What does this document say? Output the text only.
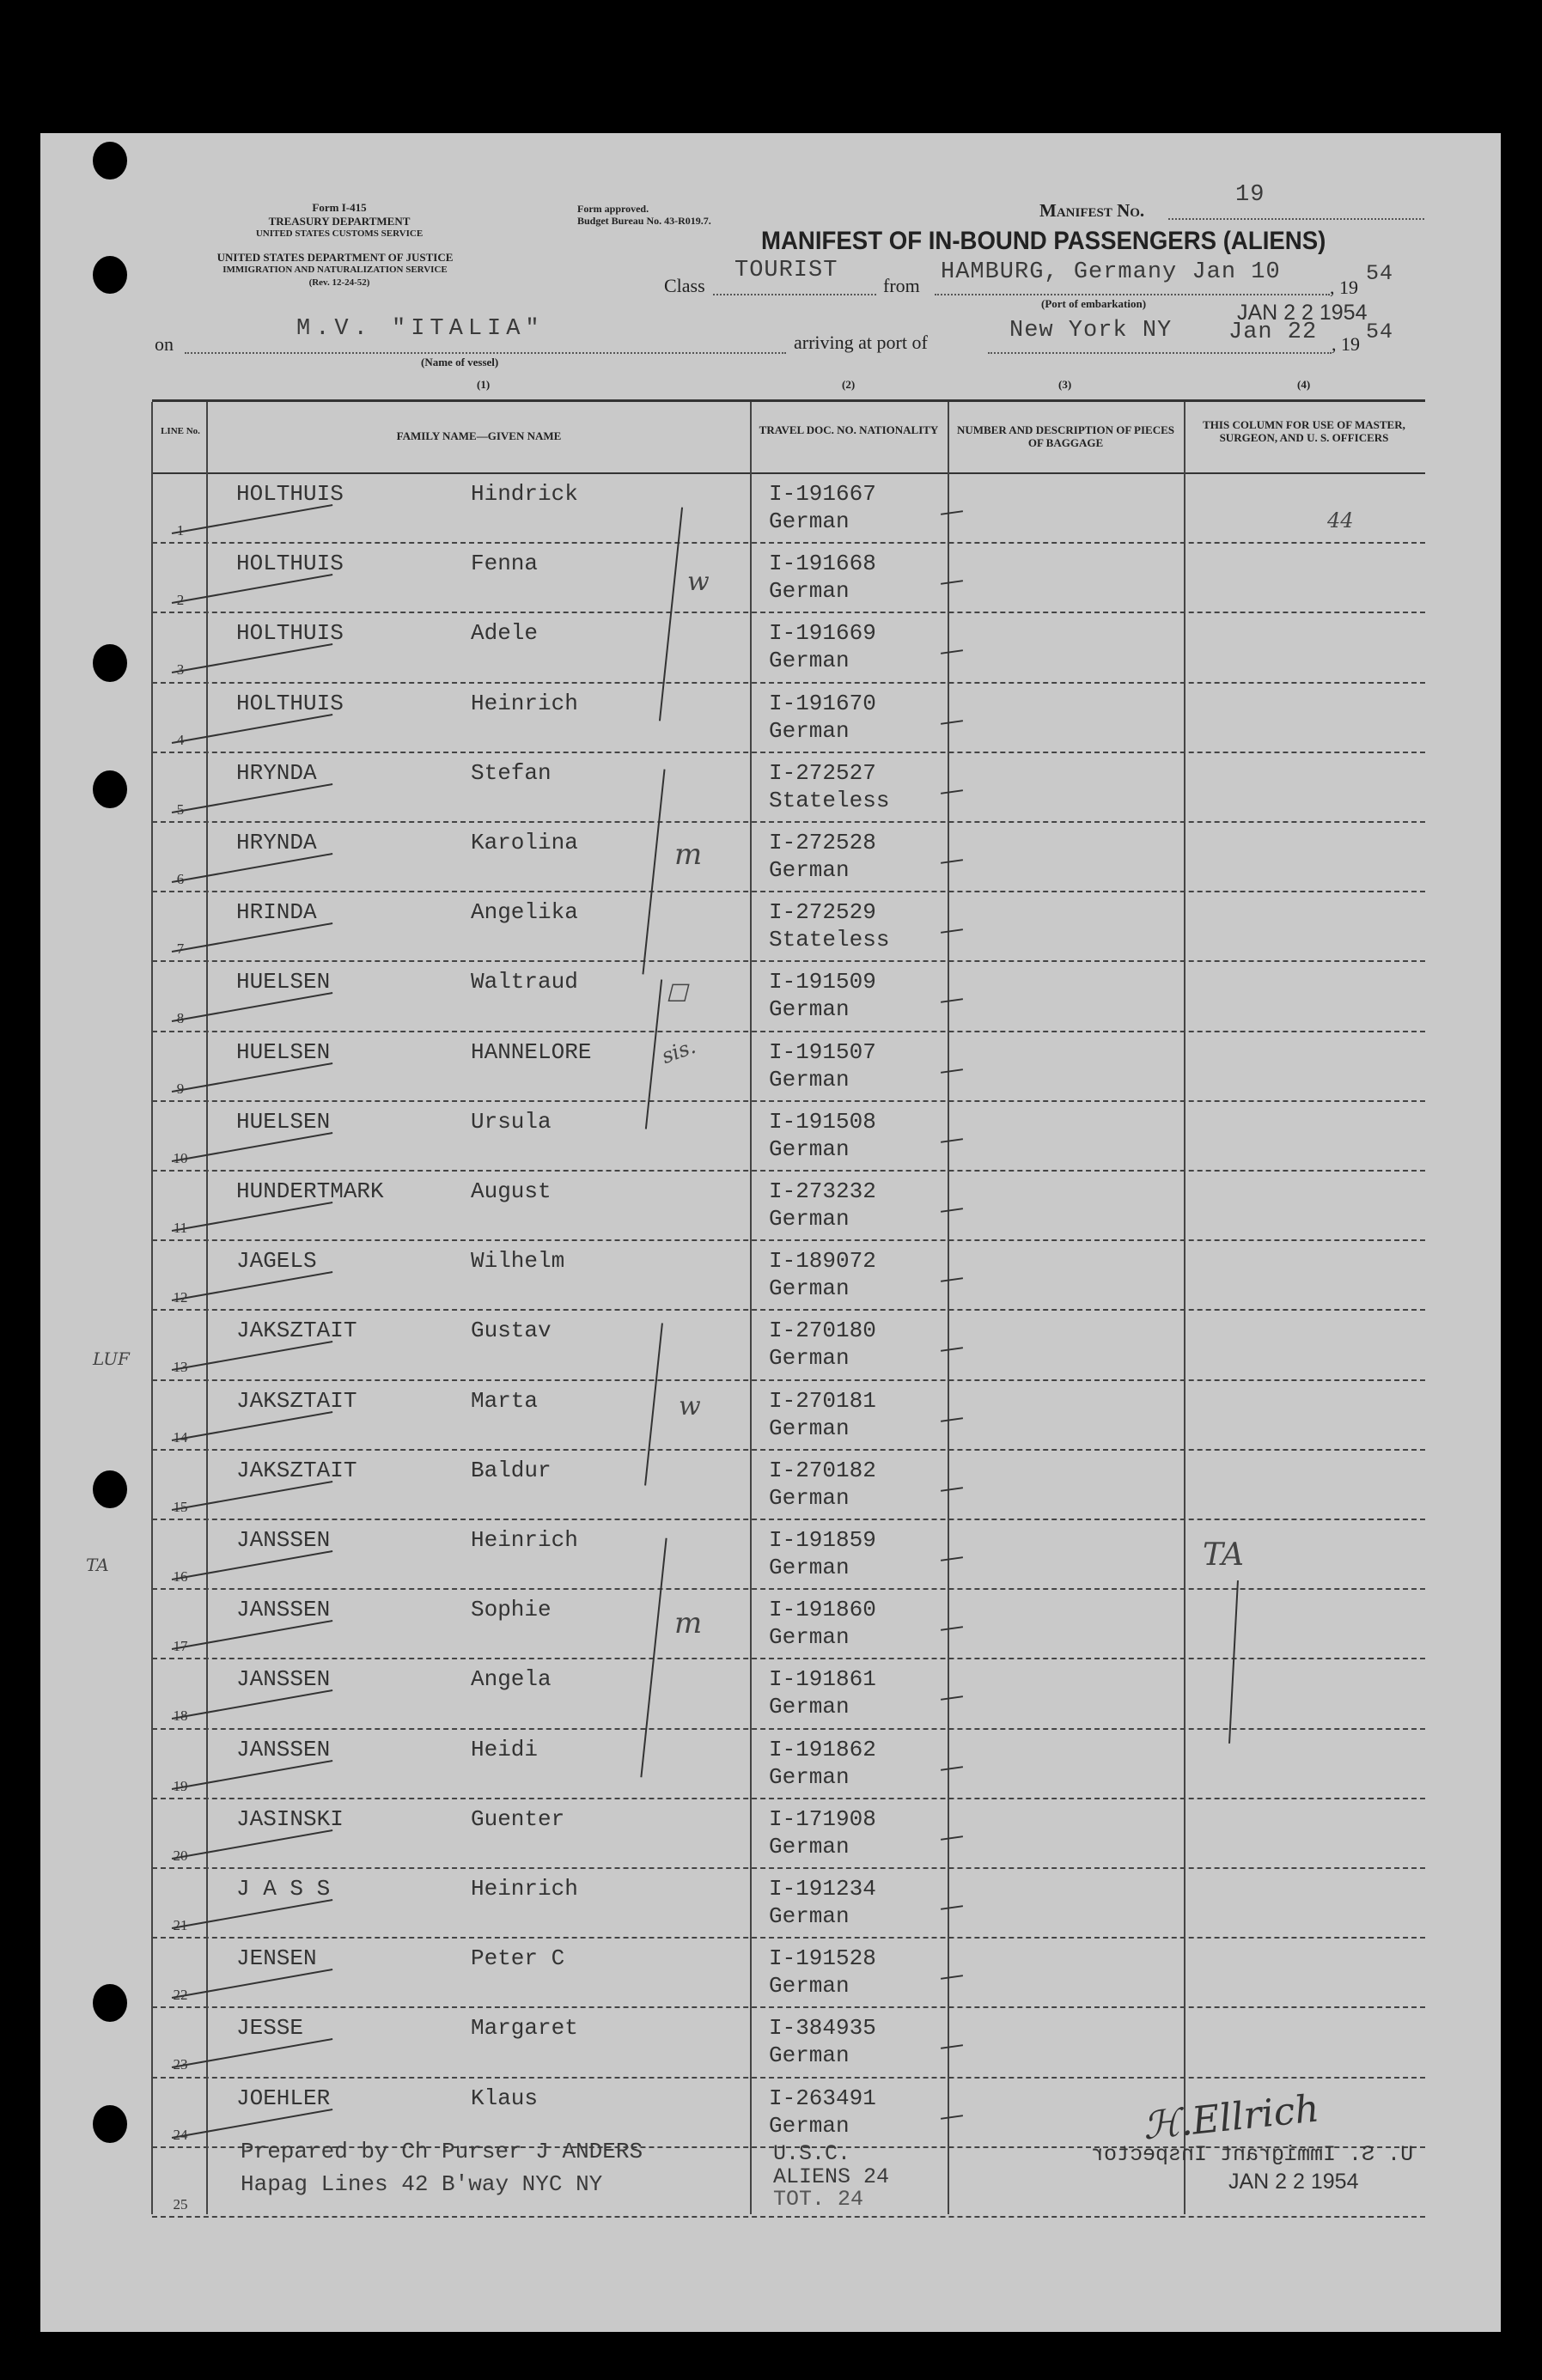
Form I-415
TREASURY DEPARTMENT
UNITED STATES CUSTOMS SERVICE
UNITED STATES DEPARTMENT OF JUSTICE
IMMIGRATION AND NATURALIZATION SERVICE
(Rev. 12-24-52)
Form approved.
Budget Bureau No. 43-R019.7.	Manifest No.
19
MANIFEST OF IN-BOUND PASSENGERS (ALIENS)
Class
TOURIST
from
HAMBURG, Germany Jan 10
, 19
54
(Port of embarkation)	JAN 2 2 1954
on
M.V. "ITALIA"
(Name of vessel)
arriving at port of	New York NY Jan 22 , 19 54
(1)	(2)	(3)	(4)
LINE No.	FAMILY NAME—GIVEN NAME	TRAVEL DOC. NO. NATIONALITY	NUMBER AND DESCRIPTION OF PIECES OF BAGGAGE
THIS COLUMN FOR USE OF MASTER, SURGEON, AND U. S. OFFICERS
1
HOLTHUIS	Hindrick	I-191667
German
2
HOLTHUIS	Fenna	I-191668
German
3
HOLTHUIS	Adele	I-191669
German
4
HOLTHUIS	Heinrich	I-191670
German
5
HRYNDA	Stefan	I-272527
Stateless
6
HRYNDA	Karolina	I-272528
German
7
HRINDA	Angelika	I-272529
Stateless
8
HUELSEN	Waltraud	I-191509
German
9
HUELSEN	HANNELORE	I-191507
German
10
HUELSEN	Ursula	I-191508
German
11
HUNDERTMARK	August	I-273232
German
12
JAGELS	Wilhelm	I-189072
German
13
JAKSZTAIT	Gustav	I-270180
German
14
JAKSZTAIT	Marta	I-270181
German
15
JAKSZTAIT	Baldur	I-270182
German
16
JANSSEN	Heinrich	I-191859
German
17
JANSSEN	Sophie	I-191860
German
18
JANSSEN	Angela	I-191861
German
19
JANSSEN	Heidi	I-191862
German
20
JASINSKI	Guenter	I-171908
German
21
J A S S	Heinrich	I-191234
German
22
JENSEN	Peter C	I-191528
German
23
JESSE	Margaret	I-384935
German
24
JOEHLER	Klaus	I-263491
German
25
w
m
☐
sis.
w
m
44
TA
LUF
TA
Prepared by Ch Purser J ANDERS
Hapag Lines 42 B'way NYC NY
U.S.C.
ALIENS 24
TOT. 24
ℋ.Ellrich
U. S. Immigrant Inspector
JAN 2 2 1954
